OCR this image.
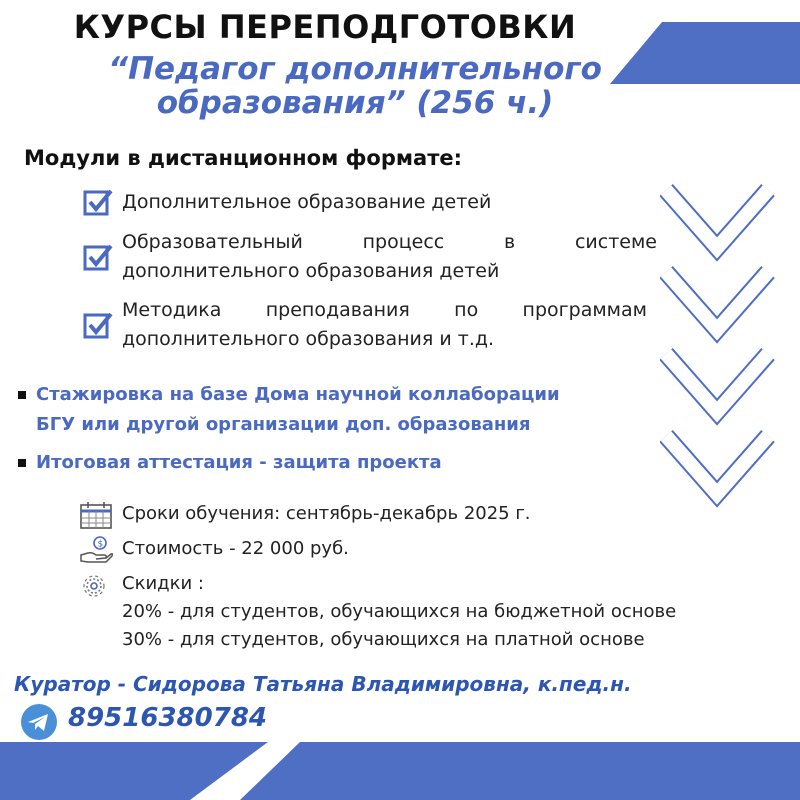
КУРСЫ ПЕРЕПОДГОТОВКИ
“Педагог дополнительного
образования” (256 ч.)
Модули в дистанционном формате:
Дополнительное образование детей
Образовательный процесс в системе
дополнительного образования детей
Методика преподавания по программам
дополнительного образования и т.д.
Стажировка на базе Дома научной коллаборации
БГУ или другой организации доп. образования
Итоговая аттестация - защита проекта
Сроки обучения: сентябрь-декабрь 2025 г.
$ Стоимость - 22 000 руб.
Скидки :
20% - для студентов, обучающихся на бюджетной основе
30% - для студентов, обучающихся на платной основе
Куратор - Сидорова Татьяна Владимировна, к.пед.н.
89516380784
